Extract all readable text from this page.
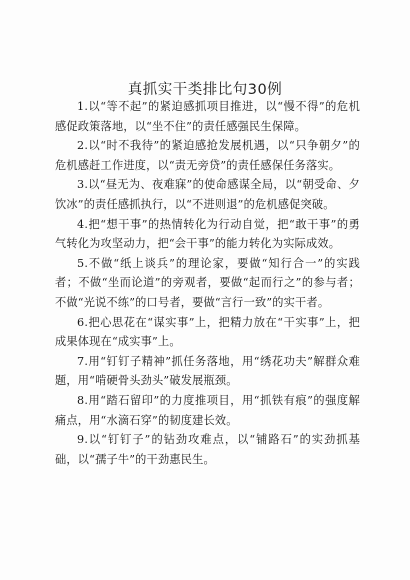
真抓实干类排比句30例

1.以“等不起”的紧迫感抓项目推进，以“慢不得”的危机感促政策落地，以“坐不住”的责任感强民生保障。

2.以“时不我待”的紧迫感抢发展机遇，以“只争朝夕”的危机感赶工作进度，以“责无旁贷”的责任感保任务落实。

3.以“昼无为、夜难寐”的使命感谋全局，以“朝受命、夕饮冰”的责任感抓执行，以“不进则退”的危机感促突破。

4.把“想干事”的热情转化为行动自觉，把“敢干事”的勇气转化为攻坚动力，把“会干事”的能力转化为实际成效。

5.不做“纸上谈兵”的理论家，要做“知行合一”的实践者；不做“坐而论道”的旁观者，要做“起而行之”的参与者；不做“光说不练”的口号者，要做“言行一致”的实干者。

6.把心思花在“谋实事”上，把精力放在“干实事”上，把成果体现在“成实事”上。

7.用“钉钉子精神”抓任务落地，用“绣花功夫”解群众难题，用“啃硬骨头劲头”破发展瓶颈。

8.用“踏石留印”的力度推项目，用“抓铁有痕”的强度解痛点，用“水滴石穿”的韧度建长效。

9.以“钉钉子”的钻劲攻难点，以“铺路石”的实劲抓基础，以“孺子牛”的干劲惠民生。
